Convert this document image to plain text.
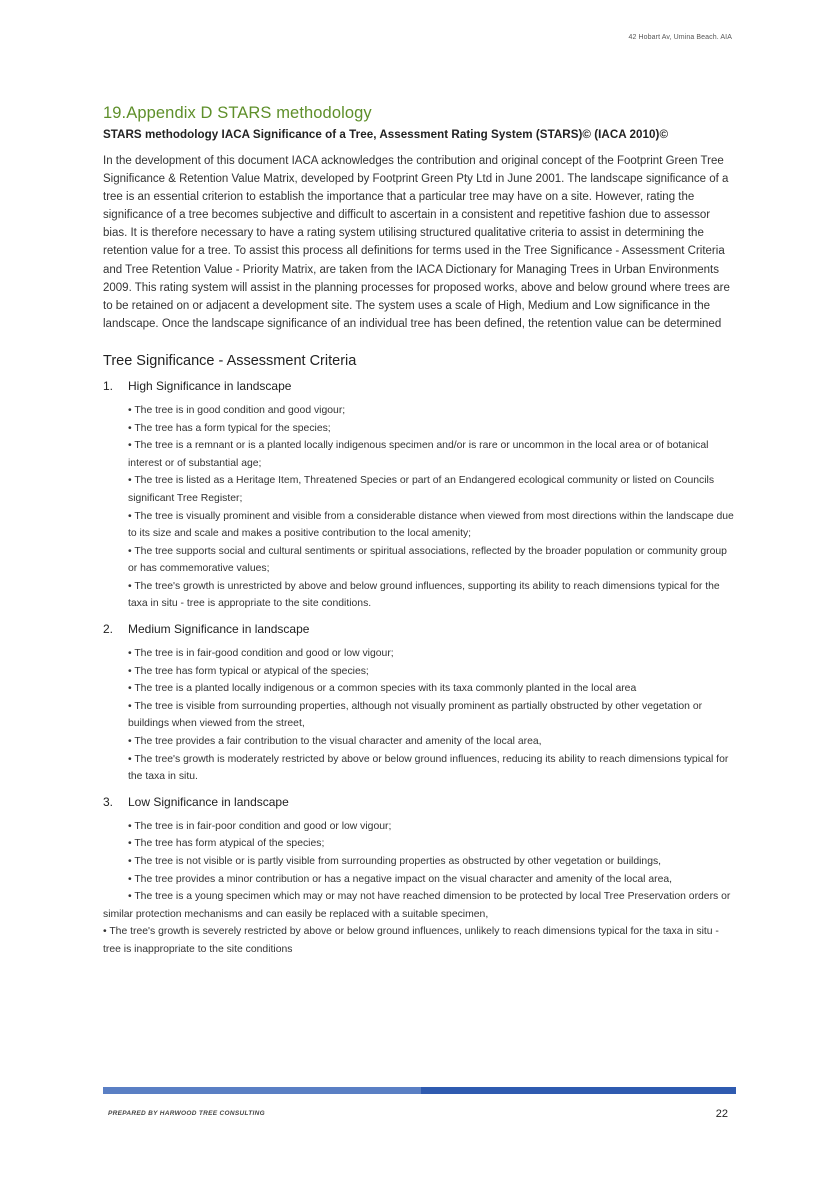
42 Hobart Av, Umina Beach. AIA
19.Appendix D STARS methodology

STARS methodology IACA Significance of a Tree, Assessment Rating System (STARS)© (IACA 2010)©

In the development of this document IACA acknowledges the contribution and original concept of the Footprint Green Tree Significance & Retention Value Matrix, developed by Footprint Green Pty Ltd in June 2001. The landscape significance of a tree is an essential criterion to establish the importance that a particular tree may have on a site. However, rating the significance of a tree becomes subjective and difficult to ascertain in a consistent and repetitive fashion due to assessor bias. It is therefore necessary to have a rating system utilising structured qualitative criteria to assist in determining the retention value for a tree. To assist this process all definitions for terms used in the Tree Significance - Assessment Criteria and Tree Retention Value - Priority Matrix, are taken from the IACA Dictionary for Managing Trees in Urban Environments 2009. This rating system will assist in the planning processes for proposed works, above and below ground where trees are to be retained on or adjacent a development site. The system uses a scale of High, Medium and Low significance in the landscape. Once the landscape significance of an individual tree has been defined, the retention value can be determined

Tree Significance - Assessment Criteria
1. High Significance in landscape
• The tree is in good condition and good vigour;
• The tree has a form typical for the species;
• The tree is a remnant or is a planted locally indigenous specimen and/or is rare or uncommon in the local area or of botanical interest or of substantial age;
• The tree is listed as a Heritage Item, Threatened Species or part of an Endangered ecological community or listed on Councils significant Tree Register;
• The tree is visually prominent and visible from a considerable distance when viewed from most directions within the landscape due to its size and scale and makes a positive contribution to the local amenity;
• The tree supports social and cultural sentiments or spiritual associations, reflected by the broader population or community group or has commemorative values;
• The tree's growth is unrestricted by above and below ground influences, supporting its ability to reach dimensions typical for the taxa in situ - tree is appropriate to the site conditions.
2. Medium Significance in landscape
• The tree is in fair-good condition and good or low vigour;
• The tree has form typical or atypical of the species;
• The tree is a planted locally indigenous or a common species with its taxa commonly planted in the local area
• The tree is visible from surrounding properties, although not visually prominent as partially obstructed by other vegetation or buildings when viewed from the street,
• The tree provides a fair contribution to the visual character and amenity of the local area,
• The tree's growth is moderately restricted by above or below ground influences, reducing its ability to reach dimensions typical for the taxa in situ.
3. Low Significance in landscape
• The tree is in fair-poor condition and good or low vigour;
• The tree has form atypical of the species;
• The tree is not visible or is partly visible from surrounding properties as obstructed by other vegetation or buildings,
• The tree provides a minor contribution or has a negative impact on the visual character and amenity of the local area,
• The tree is a young specimen which may or may not have reached dimension to be protected by local Tree Preservation orders or similar protection mechanisms and can easily be replaced with a suitable specimen,
• The tree's growth is severely restricted by above or below ground influences, unlikely to reach dimensions typical for the taxa in situ - tree is inappropriate to the site conditions
PREPARED BY HARWOOD TREE CONSULTING	22
